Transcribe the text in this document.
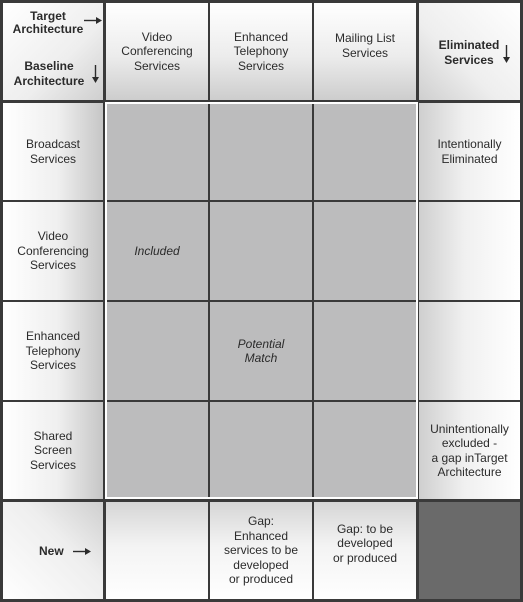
Target
Architecture

Baseline
Architecture

Video
Conferencing
Services
Enhanced
Telephony
Services
Mailing List
Services

Eliminated
Services

Broadcast
Services
Video
Conferencing
Services
Enhanced
Telephony
Services
Shared
Screen
Services
Included
Potential
Match
Intentionally
Eliminated
Unintentionally
excluded -
a gap inTarget
Architecture

New

Gap:
Enhanced
services to be
developed
or produced
Gap: to be
developed
or produced
